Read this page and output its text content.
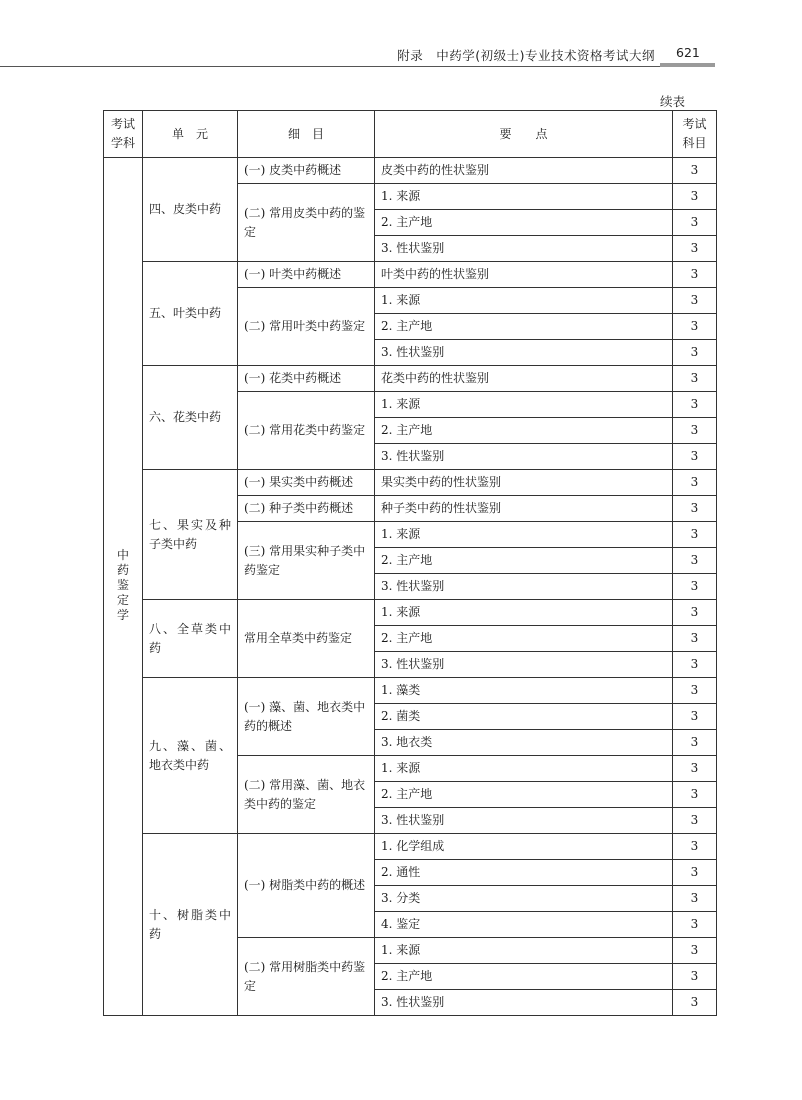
附录　中药学(初级士)专业技术资格考试大纲 621
续表
考试学科	单　元	细　目	要　　点	考试科目
中药鉴定学	四、皮类中药	(一) 皮类中药概述	皮类中药的性状鉴别	3
		(二) 常用皮类中药的鉴定	1. 来源	3
			2. 主产地	3
			3. 性状鉴别	3
	五、叶类中药	(一) 叶类中药概述	叶类中药的性状鉴别	3
		(二) 常用叶类中药鉴定	1. 来源	3
			2. 主产地	3
			3. 性状鉴别	3
	六、花类中药	(一) 花类中药概述	花类中药的性状鉴别	3
		(二) 常用花类中药鉴定	1. 来源	3
			2. 主产地	3
			3. 性状鉴别	3
	七、果实及种子类中药	(一) 果实类中药概述	果实类中药的性状鉴别	3
		(二) 种子类中药概述	种子类中药的性状鉴别	3
		(三) 常用果实种子类中药鉴定	1. 来源	3
			2. 主产地	3
			3. 性状鉴别	3
	八、全草类中药	常用全草类中药鉴定	1. 来源	3
			2. 主产地	3
			3. 性状鉴别	3
	九、藻、菌、地衣类中药	(一) 藻、菌、地衣类中药的概述	1. 藻类	3
			2. 菌类	3
			3. 地衣类	3
		(二) 常用藻、菌、地衣类中药的鉴定	1. 来源	3
			2. 主产地	3
			3. 性状鉴别	3
	十、树脂类中药	(一) 树脂类中药的概述	1. 化学组成	3
			2. 通性	3
			3. 分类	3
			4. 鉴定	3
		(二) 常用树脂类中药鉴定	1. 来源	3
			2. 主产地	3
			3. 性状鉴别	3
